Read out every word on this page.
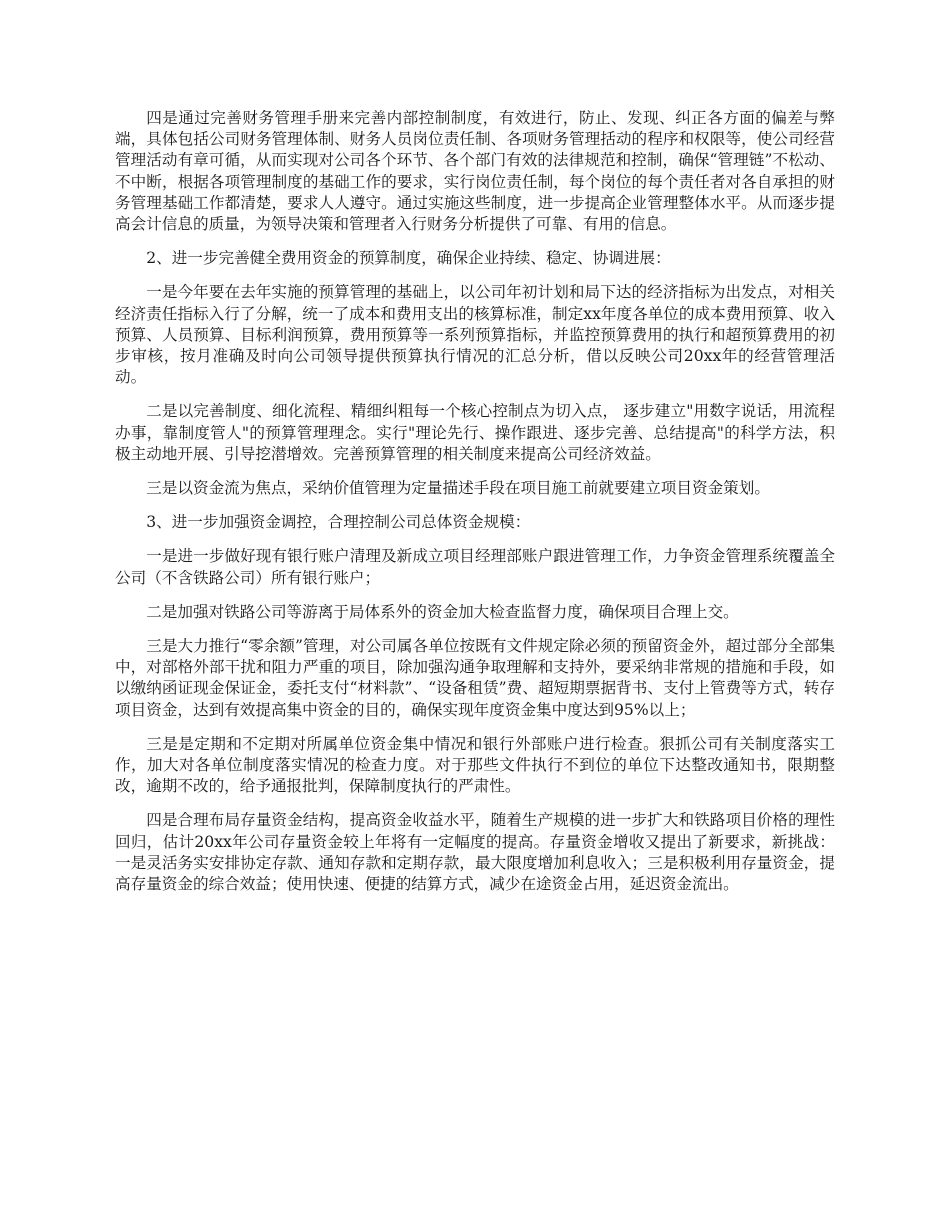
四是通过完善财务管理手册来完善内部控制制度，有效进行，防止、发现、纠正各方面的偏差与弊端，具体包括公司财务管理体制、财务人员岗位责任制、各项财务管理括动的程序和权限等，使公司经营管理活动有章可循，从而实现对公司各个环节、各个部门有效的法律规范和控制，确保“管理链”不松动、不中断，根据各项管理制度的基础工作的要求，实行岗位责任制，每个岗位的每个责任者对各自承担的财务管理基础工作都清楚，要求人人遵守。通过实施这些制度，进一步提高企业管理整体水平。从而逐步提高会计信息的质量，为领导决策和管理者入行财务分析提供了可靠、有用的信息。

2、进一步完善健全费用资金的预算制度，确保企业持续、稳定、协调进展：

一是今年要在去年实施的预算管理的基础上，以公司年初计划和局下达的经济指标为出发点，对相关经济责任指标入行了分解，统一了成本和费用支出的核算标准，制定xx年度各单位的成本费用预算、收入预算、人员预算、目标利润预算，费用预算等一系列预算指标，并监控预算费用的执行和超预算费用的初步审核，按月准确及时向公司领导提供预算执行情况的汇总分析，借以反映公司20xx年的经营管理活动。

二是以完善制度、细化流程、精细纠粗每一个核心控制点为切入点， 逐步建立"用数字说话，用流程办事，靠制度管人"的预算管理理念。实行"理论先行、操作跟进、逐步完善、总结提高"的科学方法，积极主动地开展、引导挖潜增效。完善预算管理的相关制度来提高公司经济效益。

三是以资金流为焦点，采纳价值管理为定量描述手段在项目施工前就要建立项目资金策划。

3、进一步加强资金调控，合理控制公司总体资金规模：

一是进一步做好现有银行账户清理及新成立项目经理部账户跟进管理工作，力争资金管理系统覆盖全公司（不含铁路公司）所有银行账户；

二是加强对铁路公司等游离于局体系外的资金加大检查监督力度，确保项目合理上交。

三是大力推行“零余额”管理，对公司属各单位按既有文件规定除必须的预留资金外，超过部分全部集中，对部格外部干扰和阻力严重的项目，除加强沟通争取理解和支持外，要采纳非常规的措施和手段，如以缴纳函证现金保证金，委托支付“材料款”、“设备租赁”费、超短期票据背书、支付上管费等方式，转存项目资金，达到有效提高集中资金的目的，确保实现年度资金集中度达到95%以上；

三是是定期和不定期对所属单位资金集中情况和银行外部账户进行检查。狠抓公司有关制度落实工作，加大对各单位制度落实情况的检查力度。对于那些文件执行不到位的单位下达整改通知书，限期整改，逾期不改的，给予通报批判，保障制度执行的严肃性。

四是合理布局存量资金结构，提高资金收益水平，随着生产规模的进一步扩大和铁路项目价格的理性回归，估计20xx年公司存量资金较上年将有一定幅度的提高。存量资金增收又提出了新要求，新挑战：一是灵活务实安排协定存款、通知存款和定期存款，最大限度增加利息收入；三是积极利用存量资金，提高存量资金的综合效益；使用快速、便捷的结算方式，减少在途资金占用，延迟资金流出。
